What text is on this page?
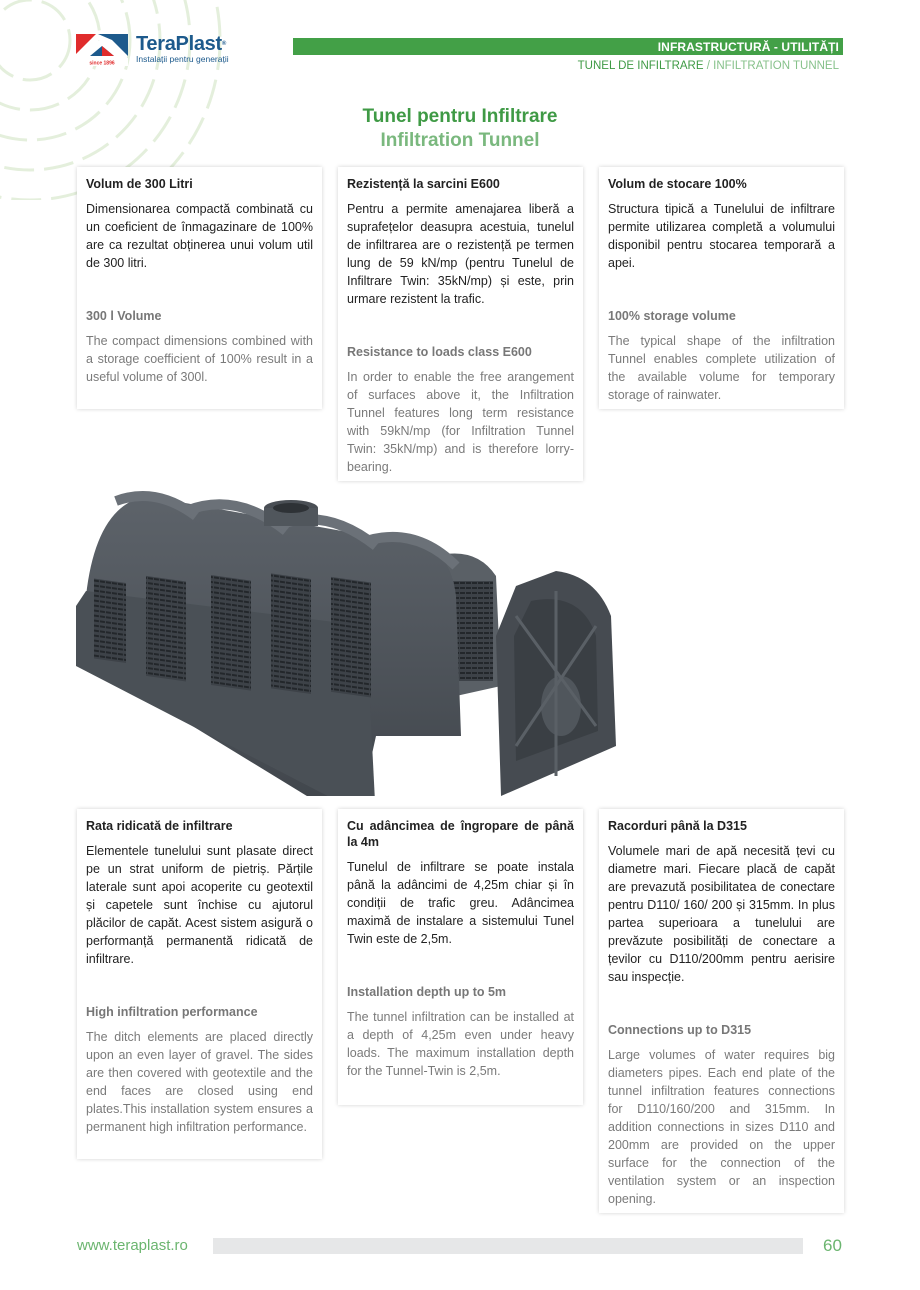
since 1896
TeraPlast®
Instalații pentru generații
INFRASTRUCTURĂ - UTILITĂȚI
TUNEL DE INFILTRARE / INFILTRATION TUNNEL
Tunel pentru Infiltrare
Infiltration Tunnel
Volum de 300 Litri

Dimensionarea compactă combinată cu un coeficient de înmagazinare de 100% are ca rezultat obținerea unui volum util de 300 litri.

300 l Volume

The compact dimensions combined with a storage coefficient of 100% result in a useful volume of 300l.

Rezistență la sarcini E600

Pentru a permite amenajarea liberă a suprafețelor deasupra acestuia, tunelul de infiltrarea are o rezistență pe termen lung de 59 kN/mp (pentru Tunelul de Infiltrare Twin: 35kN/mp) și este, prin urmare rezistent la trafic.

Resistance to loads class E600

In order to enable the free arangement of surfaces above it, the Infiltration Tunnel features long term resistance with 59kN/mp (for Infiltration Tunnel Twin: 35kN/mp) and is therefore lorry-bearing.

Volum de stocare 100%

Structura tipică a Tunelului de infiltrare permite utilizarea completă a volumului disponibil pentru stocarea temporară a apei.

100% storage volume

The typical shape of the infiltration Tunnel enables complete utilization of the available volume for temporary storage of rainwater.

Rata ridicată de infiltrare

Elementele tunelului sunt plasate direct pe un strat uniform de pietriș. Părțile laterale sunt apoi acoperite cu geotextil și capetele sunt închise cu ajutorul plăcilor de capăt. Acest sistem asigură o performanță permanentă ridicată de infiltrare.

High infiltration performance

The ditch elements are placed directly upon an even layer of gravel. The sides are then covered with geotextile and the end faces are closed using end plates.This installation system ensures a permanent high infiltration performance.

Cu adâncimea de îngropare de până la 4m

Tunelul de infiltrare se poate instala până la adâncimi de 4,25m chiar și în condiții de trafic greu. Adâncimea maximă de instalare a sistemului Tunel Twin este de 2,5m.

Installation depth up to 5m

The tunnel infiltration can be installed at a depth of 4,25m even under heavy loads. The maximum installation depth for the Tunnel-Twin is 2,5m.

Racorduri până la D315

Volumele mari de apă necesită țevi cu diametre mari. Fiecare placă de capăt are prevazută posibilitatea de conectare pentru D110/ 160/ 200 și 315mm. In plus partea superioara a tunelului are prevăzute posibilități de conectare a țevilor cu D110/200mm pentru aerisire sau inspecție.

Connections up to D315

Large volumes of water requires big diameters pipes. Each end plate of the tunnel infiltration features connections for D110/160/200 and 315mm. In addition connections in sizes D110 and 200mm are provided on the upper surface for the connection of the ventilation system or an inspection opening.

www.teraplast.ro	60
